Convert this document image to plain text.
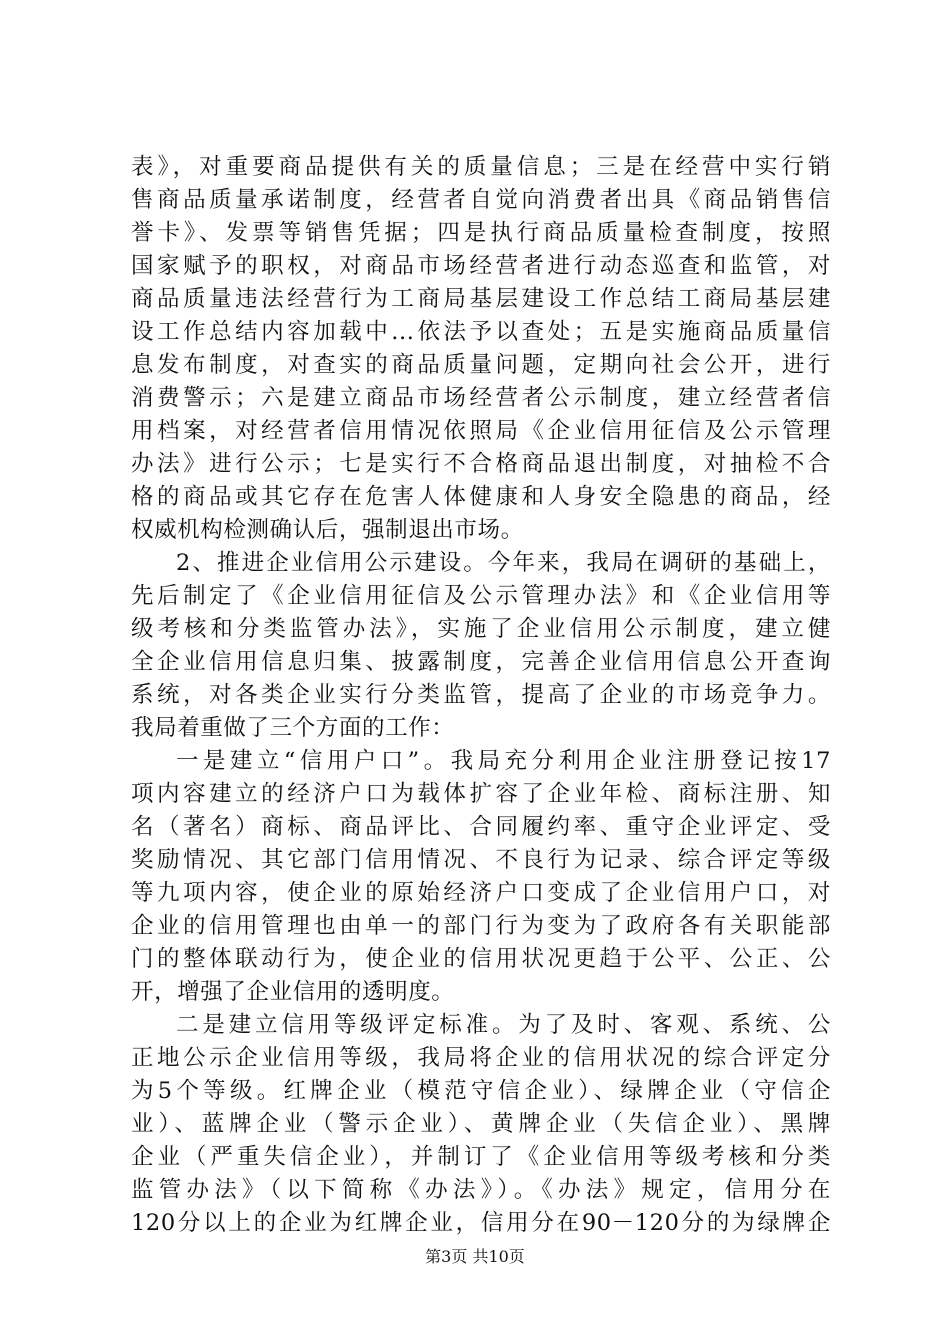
表》，对重要商品提供有关的质量信息；三是在经营中实行销
售商品质量承诺制度，经营者自觉向消费者出具《商品销售信
誉卡》、发票等销售凭据；四是执行商品质量检查制度，按照
国家赋予的职权，对商品市场经营者进行动态巡查和监管，对
商品质量违法经营行为工商局基层建设工作总结工商局基层建
设工作总结内容加载中...依法予以查处；五是实施商品质量信
息发布制度，对查实的商品质量问题，定期向社会公开，进行
消费警示；六是建立商品市场经营者公示制度，建立经营者信
用档案，对经营者信用情况依照局《企业信用征信及公示管理
办法》进行公示；七是实行不合格商品退出制度，对抽检不合
格的商品或其它存在危害人体健康和人身安全隐患的商品，经
权威机构检测确认后，强制退出市场。
2、推进企业信用公示建设。今年来，我局在调研的基础上，
先后制定了《企业信用征信及公示管理办法》和《企业信用等
级考核和分类监管办法》，实施了企业信用公示制度，建立健
全企业信用信息归集、披露制度，完善企业信用信息公开查询
系统，对各类企业实行分类监管，提高了企业的市场竞争力。
我局着重做了三个方面的工作：
一是建立“信用户口”。我局充分利用企业注册登记按17
项内容建立的经济户口为载体扩容了企业年检、商标注册、知
名（著名）商标、商品评比、合同履约率、重守企业评定、受
奖励情况、其它部门信用情况、不良行为记录、综合评定等级
等九项内容，使企业的原始经济户口变成了企业信用户口，对
企业的信用管理也由单一的部门行为变为了政府各有关职能部
门的整体联动行为，使企业的信用状况更趋于公平、公正、公
开，增强了企业信用的透明度。
二是建立信用等级评定标准。为了及时、客观、系统、公
正地公示企业信用等级，我局将企业的信用状况的综合评定分
为5个等级。红牌企业（模范守信企业）、绿牌企业（守信企
业）、蓝牌企业（警示企业）、黄牌企业（失信企业）、黑牌
企业（严重失信企业），并制订了《企业信用等级考核和分类
监管办法》（以下简称《办法》）。《办法》规定，信用分在
120分以上的企业为红牌企业，信用分在90－120分的为绿牌企
第3页 共10页
